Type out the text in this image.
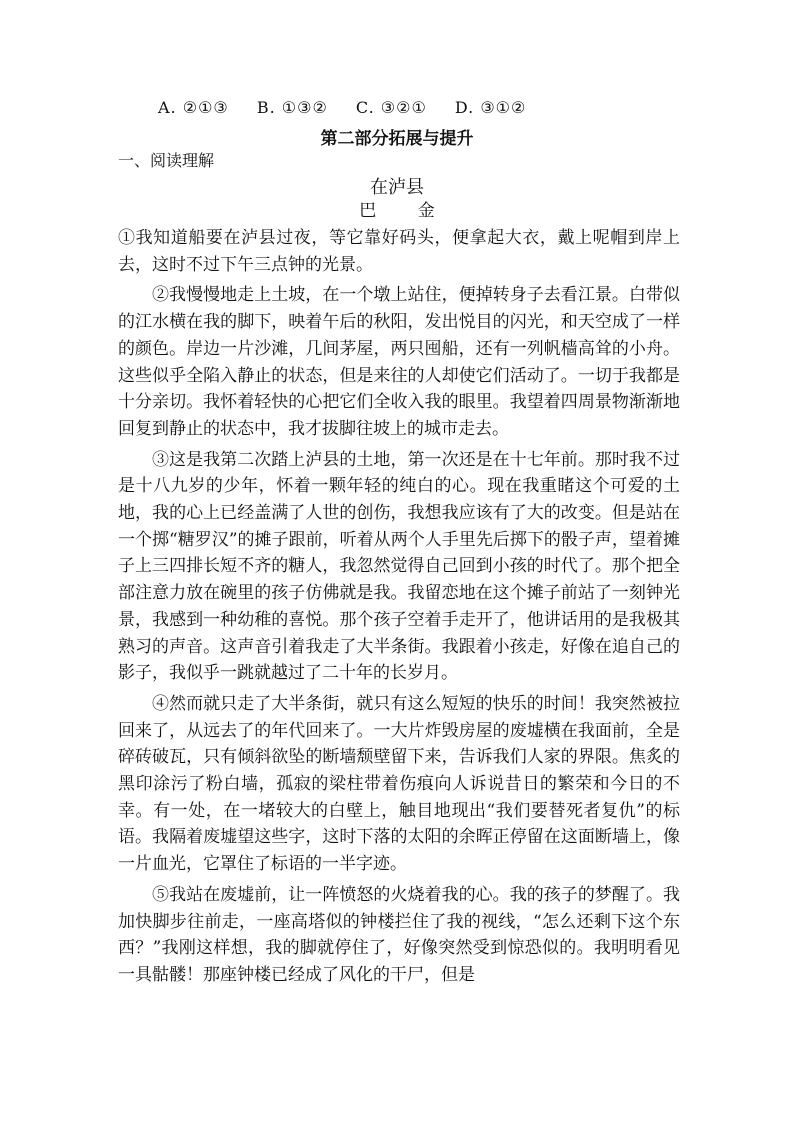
A. ②①③ B. ①③② C. ③②① D. ③①②
第二部分拓展与提升
一、阅读理解
在泸县
巴 金

①我知道船要在泸县过夜，等它靠好码头，便拿起大衣，戴上呢帽到岸上去，这时不过下午三点钟的光景。

②我慢慢地走上土坡，在一个墩上站住，便掉转身子去看江景。白带似的江水横在我的脚下，映着午后的秋阳，发出悦目的闪光，和天空成了一样的颜色。岸边一片沙滩，几间茅屋，两只囤船，还有一列帆樯高耸的小舟。这些似乎全陷入静止的状态，但是来往的人却使它们活动了。一切于我都是十分亲切。我怀着轻快的心把它们全收入我的眼里。我望着四周景物渐渐地回复到静止的状态中，我才拔脚往坡上的城市走去。

③这是我第二次踏上泸县的土地，第一次还是在十七年前。那时我不过是十八九岁的少年，怀着一颗年轻的纯白的心。现在我重睹这个可爱的土地，我的心上已经盖满了人世的创伤，我想我应该有了大的改变。但是站在一个掷“糖罗汉”的摊子跟前，听着从两个人手里先后掷下的骰子声，望着摊子上三四排长短不齐的糖人，我忽然觉得自己回到小孩的时代了。那个把全部注意力放在碗里的孩子仿佛就是我。我留恋地在这个摊子前站了一刻钟光景，我感到一种幼稚的喜悦。那个孩子空着手走开了，他讲话用的是我极其熟习的声音。这声音引着我走了大半条街。我跟着小孩走，好像在追自己的影子，我似乎一跳就越过了二十年的长岁月。

④然而就只走了大半条街，就只有这么短短的快乐的时间！我突然被拉回来了，从远去了的年代回来了。一大片炸毁房屋的废墟横在我面前，全是碎砖破瓦，只有倾斜欲坠的断墙颓壁留下来，告诉我们人家的界限。焦炙的黑印涂污了粉白墙，孤寂的梁柱带着伤痕向人诉说昔日的繁荣和今日的不幸。有一处，在一堵较大的白壁上，触目地现出“我们要替死者复仇”的标语。我隔着废墟望这些字，这时下落的太阳的余晖正停留在这面断墙上，像一片血光，它罩住了标语的一半字迹。

⑤我站在废墟前，让一阵愤怒的火烧着我的心。我的孩子的梦醒了。我加快脚步往前走，一座高塔似的钟楼拦住了我的视线，“怎么还剩下这个东西？”我刚这样想，我的脚就停住了，好像突然受到惊恐似的。我明明看见一具骷髅！那座钟楼已经成了风化的干尸，但是
